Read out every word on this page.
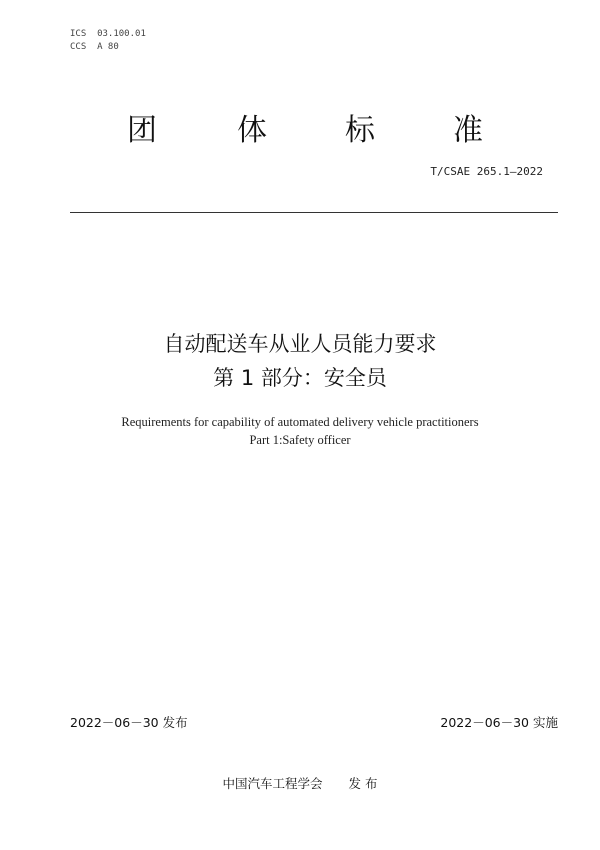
ICS  03.100.01
CCS  A 80
团	体	标	准
T/CSAE 265.1—2022
自动配送车从业人员能力要求
第 1 部分：安全员
Requirements for capability of automated delivery vehicle practitioners
Part 1:Safety officer
2022－06－30 发布	2022－06－30 实施
中国汽车工程学会 发 布
